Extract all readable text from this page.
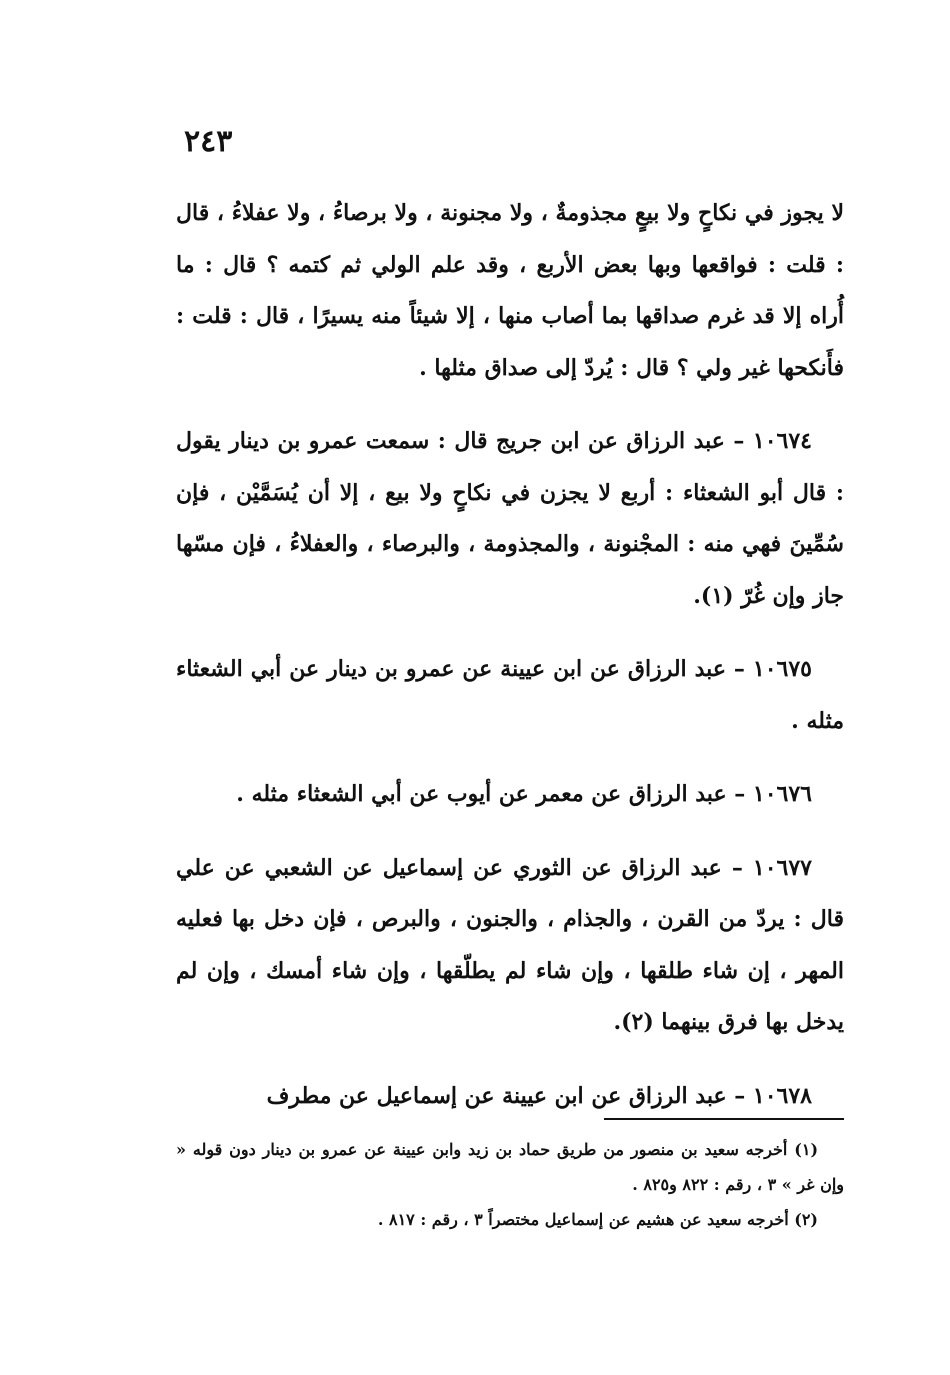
٢٤٣

لا يجوز في نكاحٍ ولا بيعٍ مجذومةٌ ، ولا مجنونة ، ولا برصاءُ ، ولا عفلاءُ ، قال : قلت : فواقعها وبها بعض الأربع ، وقد علم الولي ثم كتمه ؟ قال : ما أُراه إلا قد غرم صداقها بما أصاب منها ، إلا شيئاً منه يسيرًا ، قال : قلت : فأَنكحها غير ولي ؟ قال : يُردّ إلى صداق مثلها .

١٠٦٧٤ – عبد الرزاق عن ابن جريج قال : سمعت عمرو بن دينار يقول : قال أبو الشعثاء : أربع لا يجزن في نكاحٍ ولا بيع ، إلا أن يُسَمَّيْن ، فإن سُمِّينَ فهي منه : المجْنونة ، والمجذومة ، والبرصاء ، والعفلاءُ ، فإن مسّها جاز وإن غُرّ (١).

١٠٦٧٥ – عبد الرزاق عن ابن عيينة عن عمرو بن دينار عن أبي الشعثاء مثله .

١٠٦٧٦ – عبد الرزاق عن معمر عن أيوب عن أبي الشعثاء مثله .

١٠٦٧٧ – عبد الرزاق عن الثوري عن إسماعيل عن الشعبي عن علي قال : يردّ من القرن ، والجذام ، والجنون ، والبرص ، فإن دخل بها فعليه المهر ، إن شاء طلقها ، وإن شاء لم يطلّقها ، وإن شاء أمسك ، وإن لم يدخل بها فرق بينهما (٢).

١٠٦٧٨ – عبد الرزاق عن ابن عيينة عن إسماعيل عن مطرف

(١) أخرجه سعيد بن منصور من طريق حماد بن زيد وابن عيينة عن عمرو بن دينار دون قوله « وإن غر » ٣ ، رقم : ٨٢٢ و٨٢٥ .

(٢) أخرجه سعيد عن هشيم عن إسماعيل مختصراً ٣ ، رقم : ٨١٧ .
